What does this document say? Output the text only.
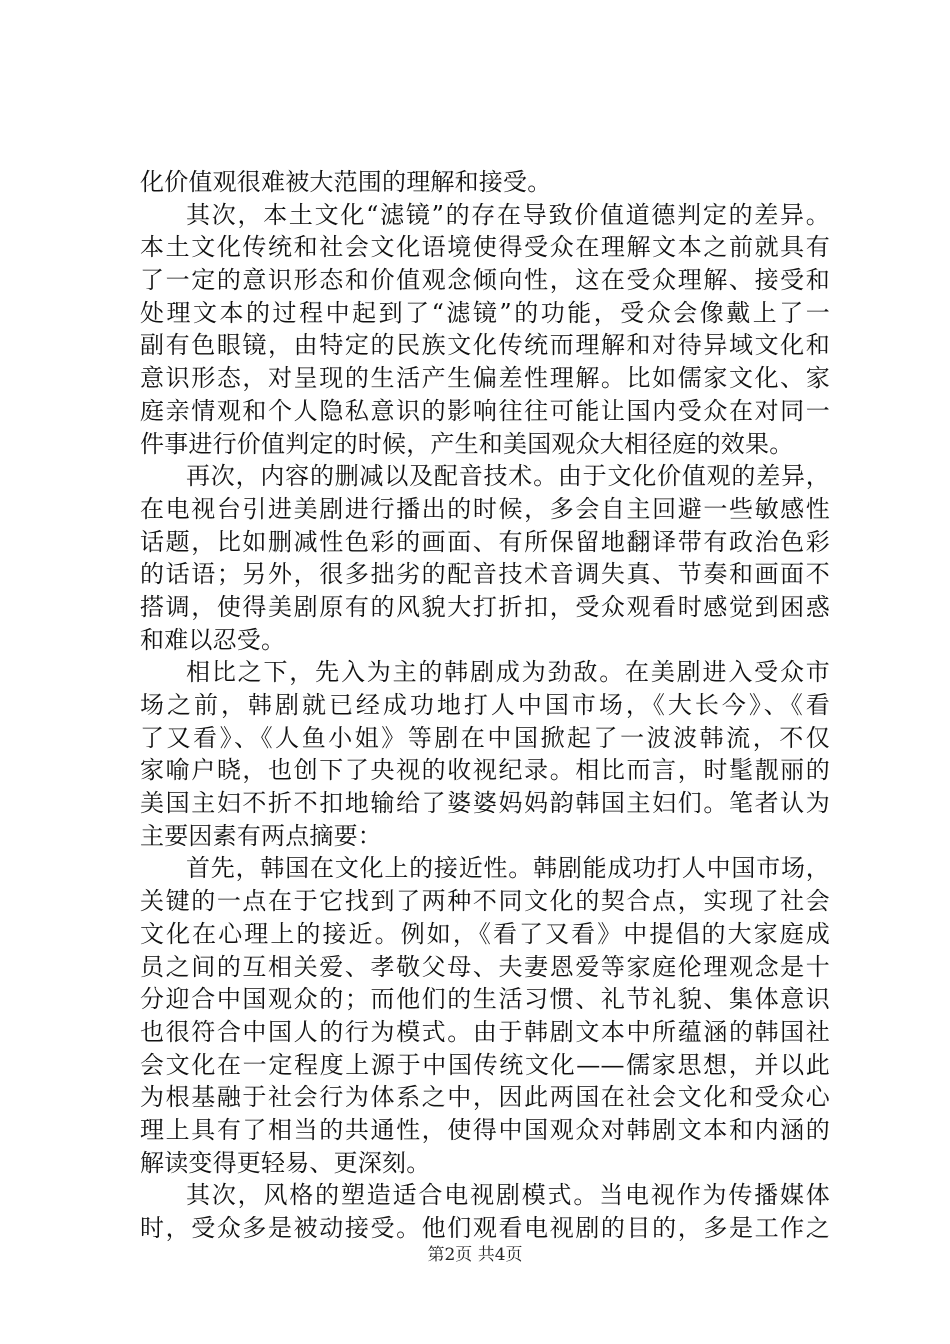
化价值观很难被大范围的理解和接受。
其次，本土文化“滤镜”的存在导致价值道德判定的差异。
本土文化传统和社会文化语境使得受众在理解文本之前就具有
了一定的意识形态和价值观念倾向性，这在受众理解、接受和
处理文本的过程中起到了“滤镜”的功能，受众会像戴上了一
副有色眼镜，由特定的民族文化传统而理解和对待异域文化和
意识形态，对呈现的生活产生偏差性理解。比如儒家文化、家
庭亲情观和个人隐私意识的影响往往可能让国内受众在对同一
件事进行价值判定的时候，产生和美国观众大相径庭的效果。
再次，内容的删减以及配音技术。由于文化价值观的差异，
在电视台引进美剧进行播出的时候，多会自主回避一些敏感性
话题，比如删减性色彩的画面、有所保留地翻译带有政治色彩
的话语；另外，很多拙劣的配音技术音调失真、节奏和画面不
搭调，使得美剧原有的风貌大打折扣，受众观看时感觉到困惑
和难以忍受。
相比之下，先入为主的韩剧成为劲敌。在美剧进入受众市
场之前，韩剧就已经成功地打人中国市场，《大长今》、《看
了又看》、《人鱼小姐》等剧在中国掀起了一波波韩流，不仅
家喻户晓，也创下了央视的收视纪录。相比而言，时髦靓丽的
美国主妇不折不扣地输给了婆婆妈妈韵韩国主妇们。笔者认为
主要因素有两点摘要：
首先，韩国在文化上的接近性。韩剧能成功打人中国市场，
关键的一点在于它找到了两种不同文化的契合点，实现了社会
文化在心理上的接近。例如，《看了又看》中提倡的大家庭成
员之间的互相关爱、孝敬父母、夫妻恩爱等家庭伦理观念是十
分迎合中国观众的；而他们的生活习惯、礼节礼貌、集体意识
也很符合中国人的行为模式。由于韩剧文本中所蕴涵的韩国社
会文化在一定程度上源于中国传统文化——儒家思想，并以此
为根基融于社会行为体系之中，因此两国在社会文化和受众心
理上具有了相当的共通性，使得中国观众对韩剧文本和内涵的
解读变得更轻易、更深刻。
其次，风格的塑造适合电视剧模式。当电视作为传播媒体
时，受众多是被动接受。他们观看电视剧的目的，多是工作之
第2页 共4页
